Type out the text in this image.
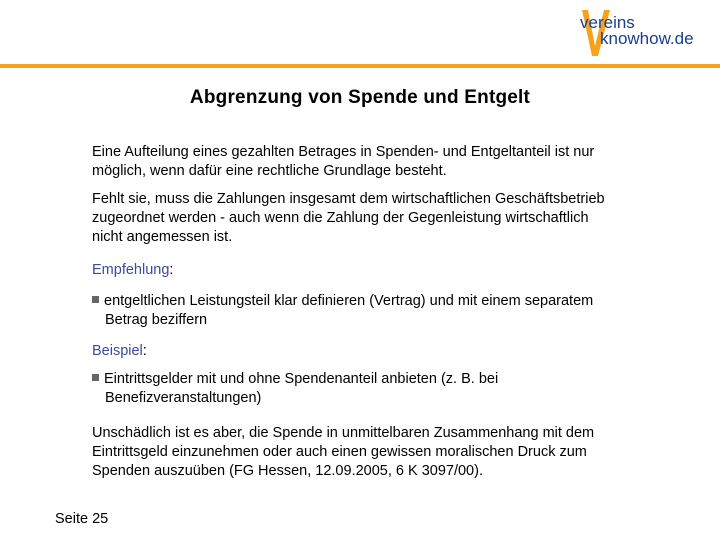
vereins
knowhow.de
Abgrenzung von Spende und Entgelt
Eine Aufteilung eines gezahlten Betrages in Spenden- und Entgeltanteil ist nur
möglich, wenn dafür eine rechtliche Grundlage besteht.
Fehlt sie, muss die Zahlungen insgesamt dem wirtschaftlichen Geschäftsbetrieb
zugeordnet werden - auch wenn die Zahlung der Gegenleistung wirtschaftlich
nicht angemessen ist.
Empfehlung:
entgeltlichen Leistungsteil klar definieren (Vertrag) und mit einem separatem
Betrag beziffern
Beispiel:
Eintrittsgelder mit und ohne Spendenanteil anbieten (z. B. bei
Benefizveranstaltungen)
Unschädlich ist es aber, die Spende in unmittelbaren Zusammenhang mit dem
Eintrittsgeld einzunehmen oder auch einen gewissen moralischen Druck zum
Spenden auszuüben (FG Hessen, 12.09.2005, 6 K 3097/00).
Seite 25
